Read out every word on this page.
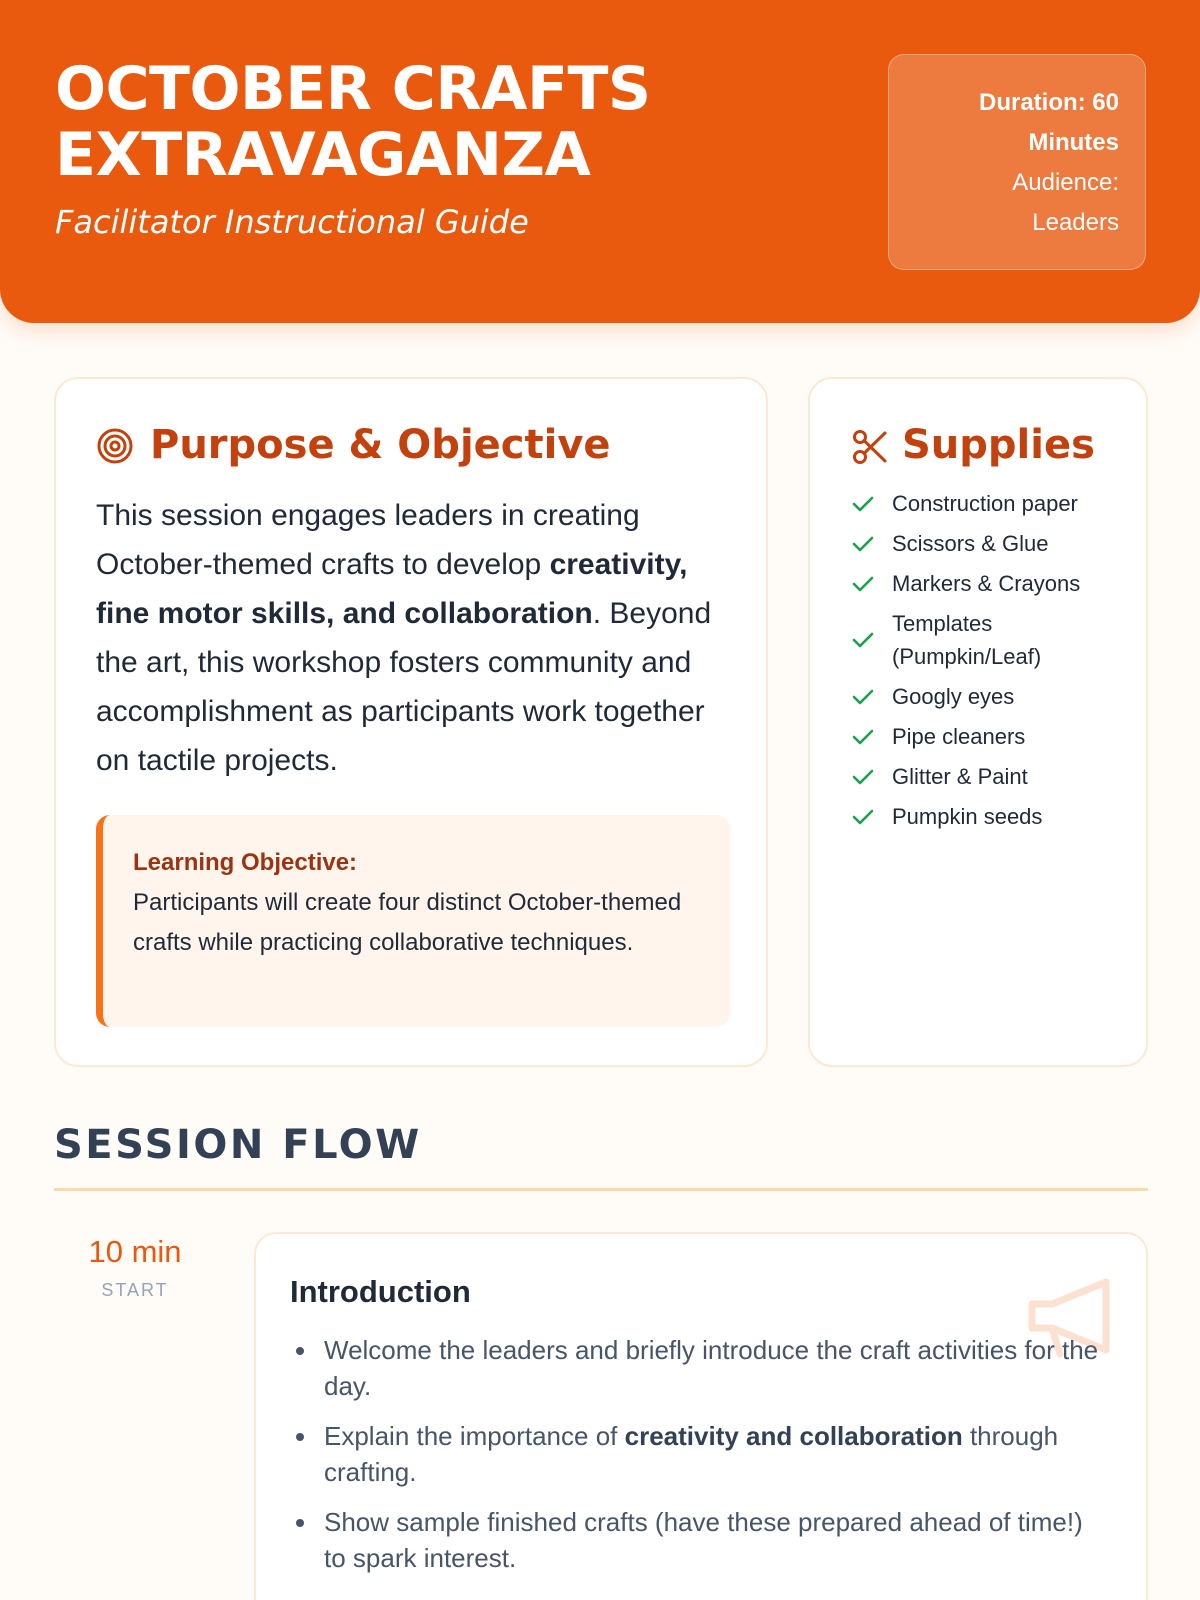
OCTOBER CRAFTS
EXTRAVAGANZA
Facilitator Instructional Guide
Duration: 60
Minutes
Audience:
Leaders
Purpose & Objective
This session engages leaders in creating October-themed crafts to develop creativity, fine motor skills, and collaboration. Beyond the art, this workshop fosters community and accomplishment as participants work together on tactile projects.
Learning Objective:
Participants will create four distinct October-themed crafts while practicing collaborative techniques.
Supplies
Construction paper
Scissors & Glue
Markers & Crayons
Templates (Pumpkin/Leaf)
Googly eyes
Pipe cleaners
Glitter & Paint
Pumpkin seeds
SESSION FLOW
10 min
START	Introduction
Welcome the leaders and briefly introduce the craft activities for the day.
Explain the importance of creativity and collaboration through crafting.
Show sample finished crafts (have these prepared ahead of time!) to spark interest.
